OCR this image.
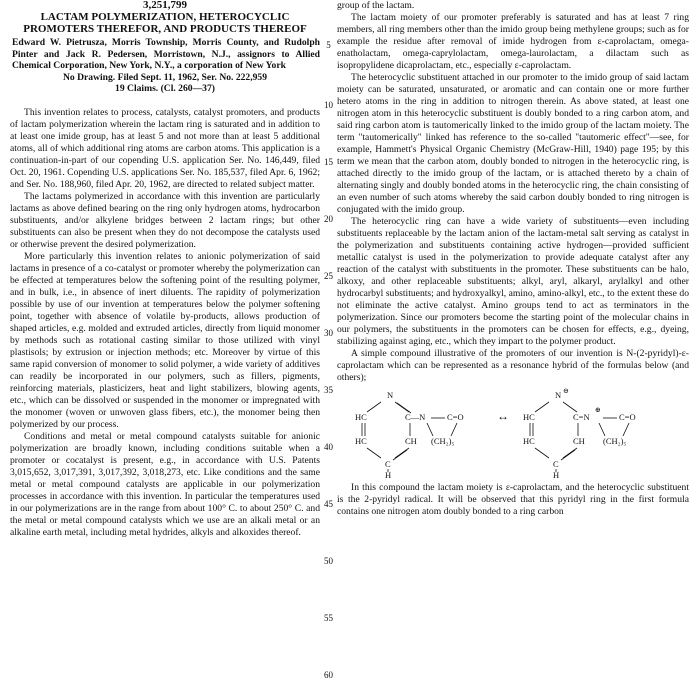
3,251,799
LACTAM POLYMERIZATION, HETEROCYCLIC PROMOTERS THEREFOR, AND PRODUCTS THEREOF
Edward W. Pietrusza, Morris Township, Morris County, and Rudolph Pinter and Jack R. Pedersen, Morristown, N.J., assignors to Allied Chemical Corporation, New York, N.Y., a corporation of New York
No Drawing. Filed Sept. 11, 1962, Ser. No. 222,959
19 Claims. (Cl. 260—37)

This invention relates to process, catalysts, catalyst promoters, and products of lactam polymerization wherein the lactam ring is saturated and in addition to at least one imide group, has at least 5 and not more than at least 5 additional atoms, all of which additional ring atoms are carbon atoms. This application is a continuation-in-part of our copending U.S. application Ser. No. 146,449, filed Oct. 20, 1961. Copending U.S. applications Ser. No. 185,537, filed Apr. 6, 1962; and Ser. No. 188,960, filed Apr. 20, 1962, are directed to related subject matter.

The lactams polymerized in accordance with this invention are particularly lactams as above defined bearing on the ring only hydrogen atoms, hydrocarbon substituents, and/or alkylene bridges between 2 lactam rings; but other substituents can also be present when they do not decompose the catalysts used or otherwise prevent the desired polymerization.

More particularly this invention relates to anionic polymerization of said lactams in presence of a co-catalyst or promoter whereby the polymerization can be effected at temperatures below the softening point of the resulting polymer, and in bulk, i.e., in absence of inert diluents. The rapidity of polymerization possible by use of our invention at temperatures below the polymer softening point, together with absence of volatile by-products, allows production of shaped articles, e.g. molded and extruded articles, directly from liquid monomer by methods such as rotational casting similar to those utilized with vinyl plastisols; by extrusion or injection methods; etc. Moreover by virtue of this same rapid conversion of monomer to solid polymer, a wide variety of additives can readily be incorporated in our polymers, such as fillers, pigments, reinforcing materials, plasticizers, heat and light stabilizers, blowing agents, etc., which can be dissolved or suspended in the monomer or impregnated with the monomer (woven or unwoven glass fibers, etc.), the monomer being then polymerized by our process.

Conditions and metal or metal compound catalysts suitable for anionic polymerization are broadly known, including conditions suitable when a promoter or cocatalyst is present, e.g., in accordance with U.S. Patents 3,015,652, 3,017,391, 3,017,392, 3,018,273, etc. Like conditions and the same metal or metal compound catalysts are applicable in our polymerization processes in accordance with this invention. In particular the temperatures used in our polymerizations are in the range from about 100° C. to about 250° C. and the metal or metal compound catalysts which we use are an alkali metal or an alkaline earth metal, including metal hydrides, alkyls and alkoxides thereof.

5
10
15
20
25
30
35
40
45
50
55
60

group of the lactam.

The lactam moiety of our promoter preferably is saturated and has at least 7 ring members, all ring members other than the imido group being methylene groups; such as for example the residue after removal of imide hydrogen from ε-caprolactam, omega-enatholactam, omega-caprylolactam, omega-laurolactam, a dilactam such as isopropylidene dicaprolactam, etc., especially ε-caprolactam.

The heterocyclic substituent attached in our promoter to the imido group of said lactam moiety can be saturated, unsaturated, or aromatic and can contain one or more further hetero atoms in the ring in addition to nitrogen therein. As above stated, at least one nitrogen atom in this heterocyclic substituent is doubly bonded to a ring carbon atom, and said ring carbon atom is tautomerically linked to the imido group of the lactam moiety. The term "tautomerically" linked has reference to the so-called "tautomeric effect"—see, for example, Hammett's Physical Organic Chemistry (McGraw-Hill, 1940) page 195; by this term we mean that the carbon atom, doubly bonded to nitrogen in the heterocyclic ring, is attached directly to the imido group of the lactam, or is attached thereto by a chain of alternating singly and doubly bonded atoms in the heterocyclic ring, the chain consisting of an even number of such atoms whereby the said carbon doubly bonded to ring nitrogen is conjugated with the imido group.

The heterocyclic ring can have a wide variety of substituents—even including substituents replaceable by the lactam anion of the lactam-metal salt serving as catalyst in the polymerization and substituents containing active hydrogen—provided sufficient metallic catalyst is used in the polymerization to provide adequate catalyst after any reaction of the catalyst with substituents in the promoter. These substituents can be halo, alkoxy, and other replaceable substituents; alkyl, aryl, alkaryl, arylalkyl and other hydrocarbyl substituents; and hydroxyalkyl, amino, amino-alkyl, etc., to the extent these do not eliminate the active catalyst. Amino groups tend to act as terminators in the polymerization. Since our promoters become the starting point of the molecular chains in our polymers, the substituents in the promoters can be chosen for effects, e.g., dyeing, stabilizing against aging, etc., which they impart to the polymer product.

A simple compound illustrative of the promoters of our invention is N-(2-pyridyl)-ε-caprolactam which can be represented as a resonance hybrid of the formulas below (and others);

N
HC	C—N
HC	CH
C
H
C=O
(CH₂)₅
↔
N ⊖
HC	C=N
⊕
HC	CH
C
H
C=O
(CH₂)₅

In this compound the lactam moiety is ε-caprolactam, and the heterocyclic substituent is the 2-pyridyl radical. It will be observed that this pyridyl ring in the first formula contains one nitrogen atom doubly bonded to a ring carbon
